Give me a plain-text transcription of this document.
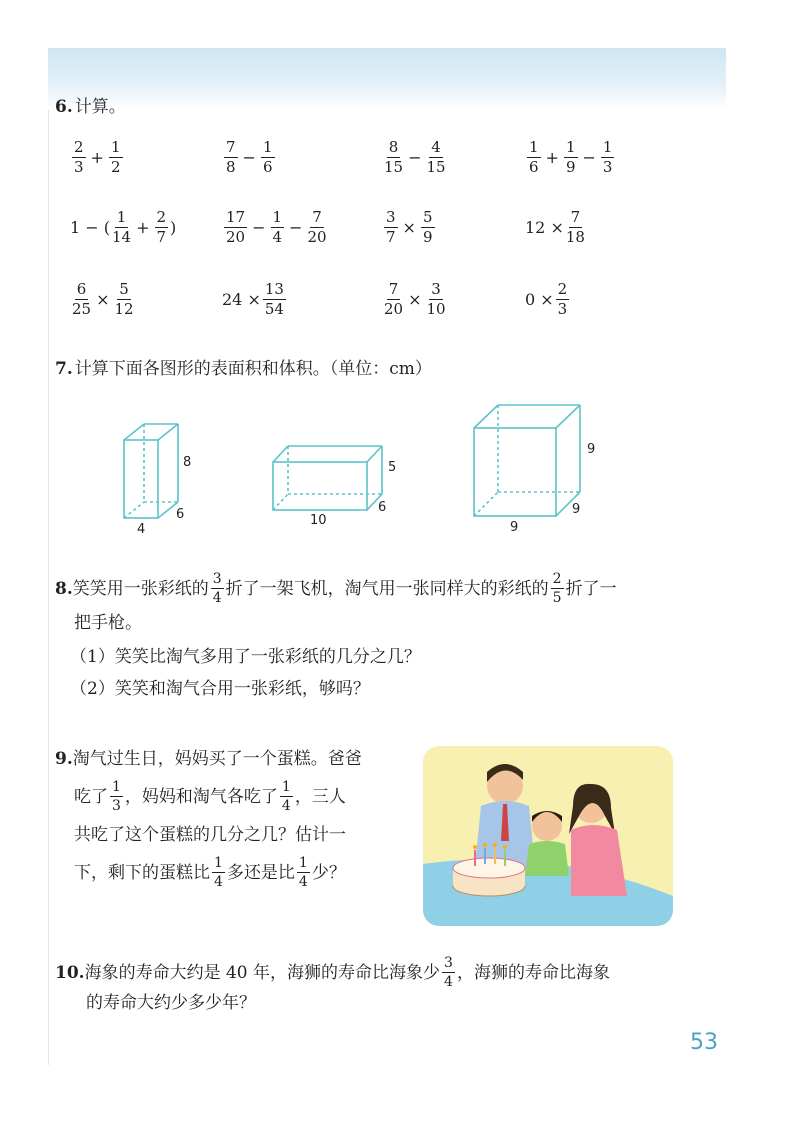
6. 计算。
$\frac{2}{3} + \frac{1}{2}$	$\frac{7}{8} - \frac{1}{6}$	$\frac{8}{15} - \frac{4}{15}$	$\frac{1}{6} + \frac{1}{9} - \frac{1}{3}$
1 − ( $\frac{1}{14} + \frac{2}{7}$ )	$\frac{17}{20} - \frac{1}{4} - \frac{7}{20}$	$\frac{3}{7} \times \frac{5}{9}$	$12 \times \frac{7}{18}$
$\frac{6}{25} \times \frac{5}{12}$	$24 \times \frac{13}{54}$	$\frac{7}{20} \times \frac{3}{10}$	$0 \times \frac{2}{3}$
7. 计算下面各图形的表面积和体积。（单位：cm）
8
4
6
5
10
6
9
9
9
8. 笑笑用一张彩纸的 $\frac{3}{4}$ 折了一架飞机，淘气用一张同样大的彩纸的 $\frac{2}{5}$ 折了一
把手枪。
（1）笑笑比淘气多用了一张彩纸的几分之几？
（2）笑笑和淘气合用一张彩纸，够吗？
9. 淘气过生日，妈妈买了一个蛋糕。爸爸
吃了 $\frac{1}{3}$ ，妈妈和淘气各吃了 $\frac{1}{4}$ ，三人
共吃了这个蛋糕的几分之几？估计一
下，剩下的蛋糕比 $\frac{1}{4}$ 多还是比 $\frac{1}{4}$ 少？
10. 海象的寿命大约是 40 年，海狮的寿命比海象少 $\frac{3}{4}$ ，海狮的寿命比海象
的寿命大约少多少年？
53
